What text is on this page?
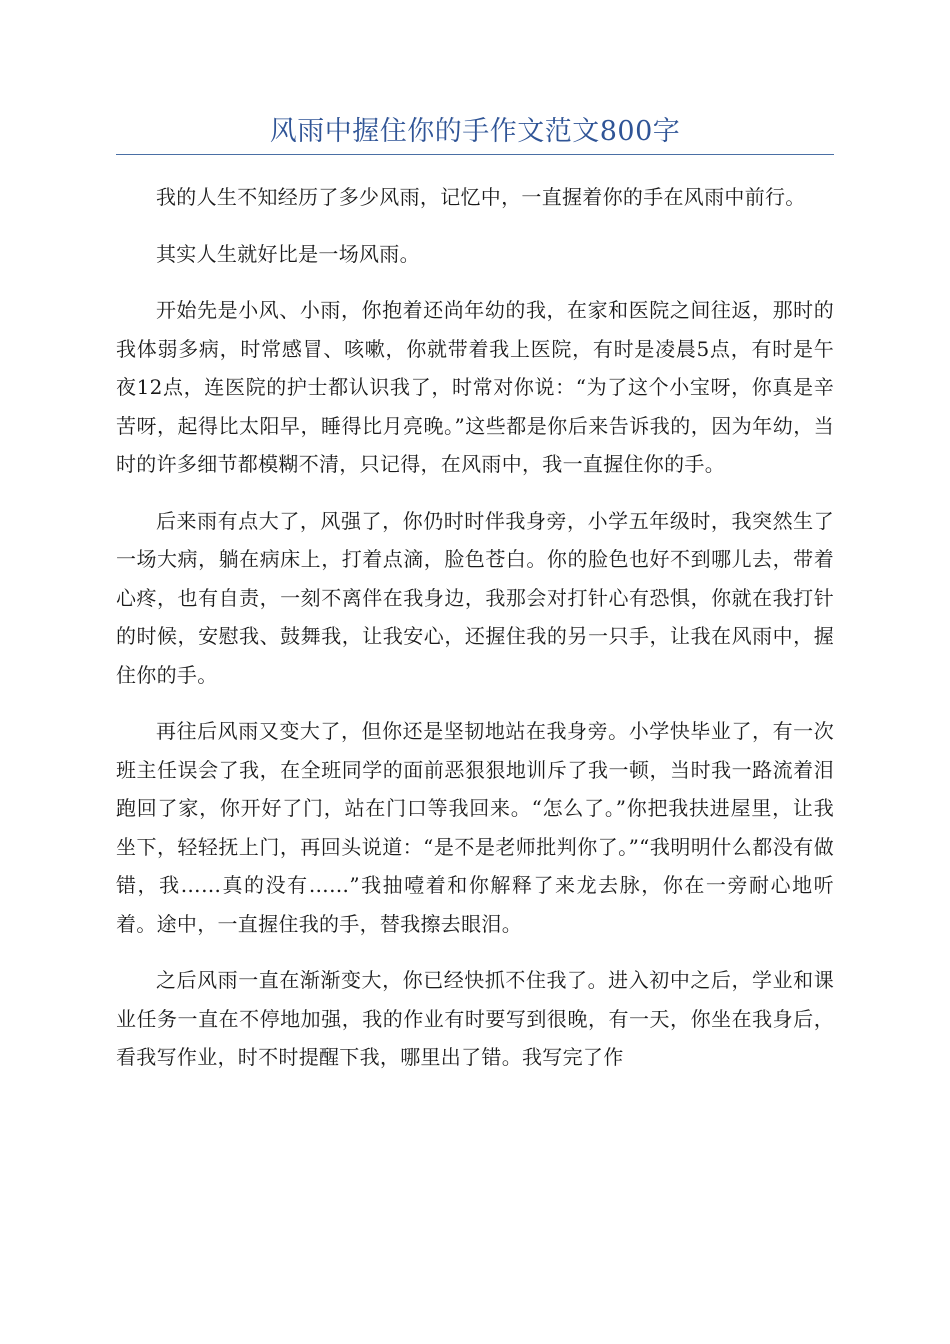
风雨中握住你的手作文范文800字

我的人生不知经历了多少风雨，记忆中，一直握着你的手在风雨中前行。

其实人生就好比是一场风雨。

开始先是小风、小雨，你抱着还尚年幼的我，在家和医院之间往返，那时的我体弱多病，时常感冒、咳嗽，你就带着我上医院，有时是凌晨5点，有时是午夜12点，连医院的护士都认识我了，时常对你说：“为了这个小宝呀，你真是辛苦呀，起得比太阳早，睡得比月亮晚。”这些都是你后来告诉我的，因为年幼，当时的许多细节都模糊不清，只记得，在风雨中，我一直握住你的手。

后来雨有点大了，风强了，你仍时时伴我身旁，小学五年级时，我突然生了一场大病，躺在病床上，打着点滴，脸色苍白。你的脸色也好不到哪儿去，带着心疼，也有自责，一刻不离伴在我身边，我那会对打针心有恐惧，你就在我打针的时候，安慰我、鼓舞我，让我安心，还握住我的另一只手，让我在风雨中，握住你的手。

再往后风雨又变大了，但你还是坚韧地站在我身旁。小学快毕业了，有一次班主任误会了我，在全班同学的面前恶狠狠地训斥了我一顿，当时我一路流着泪跑回了家，你开好了门，站在门口等我回来。“怎么了。”你把我扶进屋里，让我坐下，轻轻抚上门，再回头说道：“是不是老师批判你了。”“我明明什么都没有做错，我……真的没有……”我抽噎着和你解释了来龙去脉，你在一旁耐心地听着。途中，一直握住我的手，替我擦去眼泪。

之后风雨一直在渐渐变大，你已经快抓不住我了。进入初中之后，学业和课业任务一直在不停地加强，我的作业有时要写到很晚，有一天，你坐在我身后，看我写作业，时不时提醒下我，哪里出了错。我写完了作
